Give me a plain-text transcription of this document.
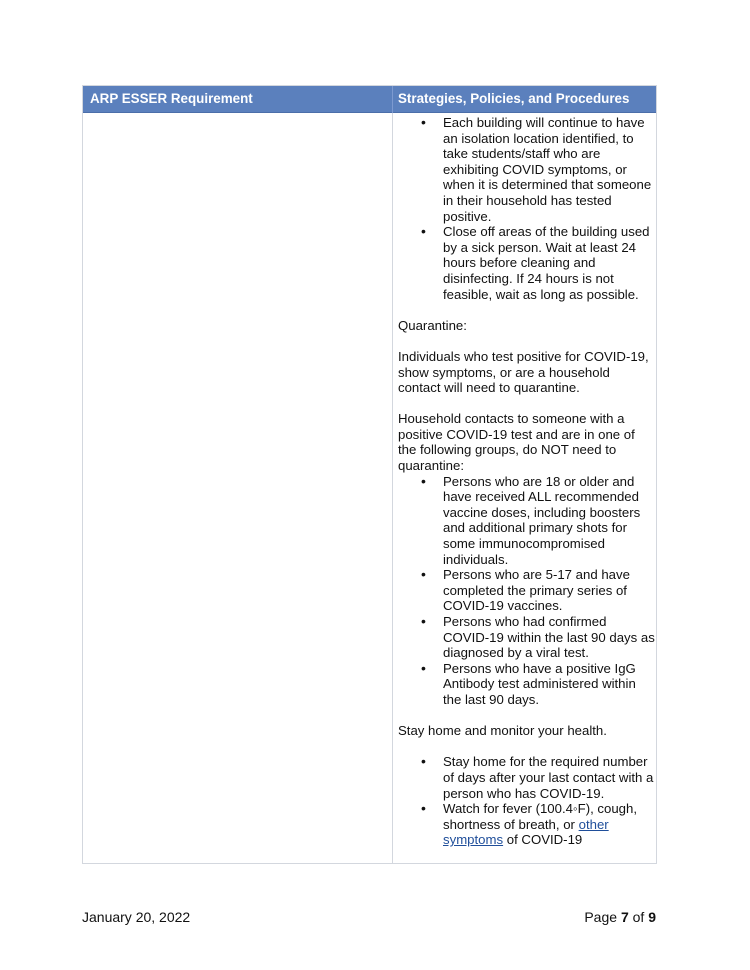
ARP ESSER Requirement	Strategies, Policies, and Procedures
• Each building will continue to have an isolation location identified, to take students/staff who are exhibiting COVID symptoms, or when it is determined that someone in their household has tested positive.
• Close off areas of the building used by a sick person. Wait at least 24 hours before cleaning and disinfecting. If 24 hours is not feasible, wait as long as possible.

Quarantine:

Individuals who test positive for COVID-19, show symptoms, or are a household contact will need to quarantine.

Household contacts to someone with a positive COVID-19 test and are in one of the following groups, do NOT need to quarantine:

• Persons who are 18 or older and have received ALL recommended vaccine doses, including boosters and additional primary shots for some immunocompromised individuals.
• Persons who are 5-17 and have completed the primary series of COVID-19 vaccines.
• Persons who had confirmed COVID-19 within the last 90 days as diagnosed by a viral test.
• Persons who have a positive IgG Antibody test administered within the last 90 days.

Stay home and monitor your health.

• Stay home for the required number of days after your last contact with a person who has COVID-19.
• Watch for fever (100.4◦F), cough, shortness of breath, or other symptoms of COVID-19
January 20, 2022	Page 7 of 9
